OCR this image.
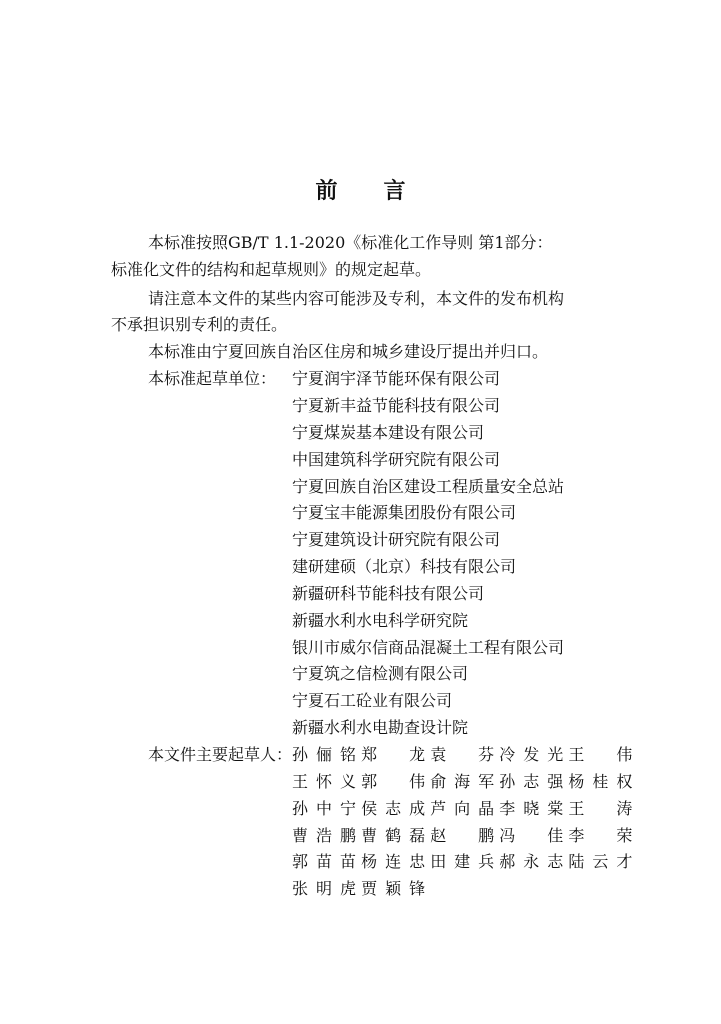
前 言
本标准按照GB/T 1.1-2020《标准化工作导则 第1部分：
标准化文件的结构和起草规则》的规定起草。
请注意本文件的某些内容可能涉及专利，本文件的发布机构
不承担识别专利的责任。
本标准由宁夏回族自治区住房和城乡建设厅提出并归口。
本标准起草单位： 宁夏润宇泽节能环保有限公司
宁夏新丰益节能科技有限公司
宁夏煤炭基本建设有限公司
中国建筑科学研究院有限公司
宁夏回族自治区建设工程质量安全总站
宁夏宝丰能源集团股份有限公司
宁夏建筑设计研究院有限公司
建研建硕（北京）科技有限公司
新疆研科节能科技有限公司
新疆水利水电科学研究院
银川市威尔信商品混凝土工程有限公司
宁夏筑之信检测有限公司
宁夏石工砼业有限公司
新疆水利水电勘查设计院
本文件主要起草人： 孙俪铭 郑龙 袁芬 冷发光 王伟
王怀义 郭伟 俞海军 孙志强 杨桂权
孙中宁 侯志成 芦向晶 李晓棠 王涛
曹浩鹏 曹鹤磊 赵鹏 冯佳 李荣
郭苗苗 杨连忠 田建兵 郝永志 陆云才
张明虎 贾颖锋
